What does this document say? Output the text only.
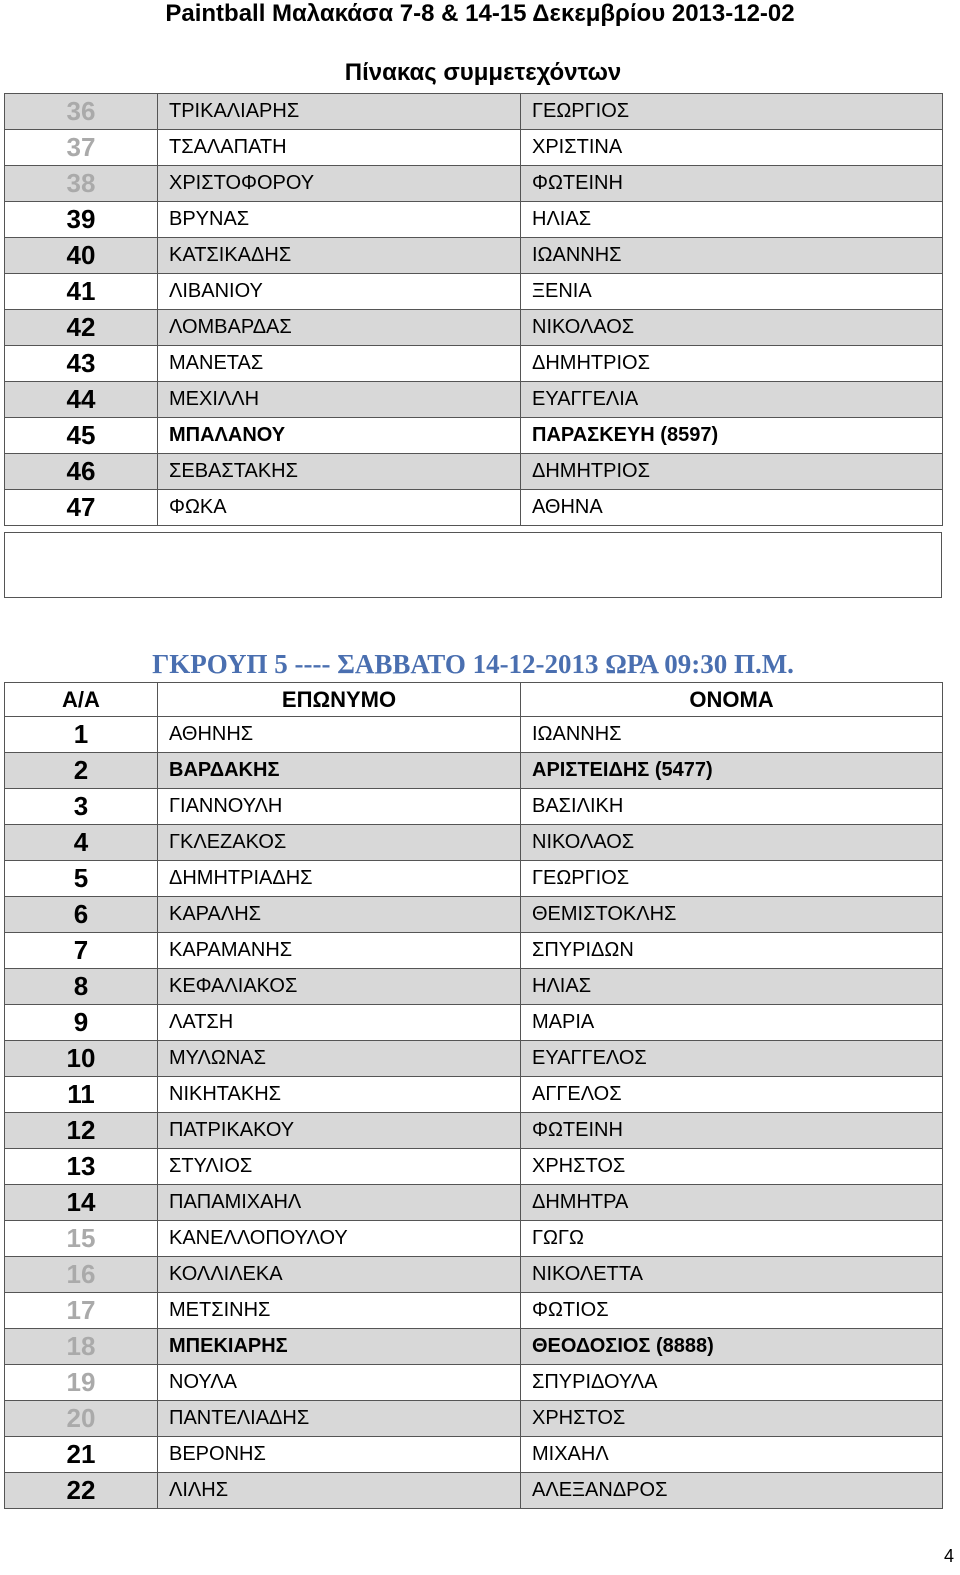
Paintball Μαλακάσα 7-8 & 14-15 Δεκεμβρίου 2013-12-02
Πίνακας συμμετεχόντων
36	ΤΡΙΚΑΛΙΑΡΗΣ	ΓΕΩΡΓΙΟΣ
37	ΤΣΑΛΑΠΑΤΗ	ΧΡΙΣΤΙΝΑ
38	ΧΡΙΣΤΟΦΟΡΟΥ	ΦΩΤΕΙΝΗ
39	ΒΡΥΝΑΣ	ΗΛΙΑΣ
40	ΚΑΤΣΙΚΑΔΗΣ	ΙΩΑΝΝΗΣ
41	ΛΙΒΑΝΙΟΥ	ΞΕΝΙΑ
42	ΛΟΜΒΑΡΔΑΣ	ΝΙΚΟΛΑΟΣ
43	ΜΑΝΕΤΑΣ	ΔΗΜΗΤΡΙΟΣ
44	ΜΕΧΙΛΛΗ	ΕΥΑΓΓΕΛΙΑ
45	ΜΠΑΛΑΝΟΥ	ΠΑΡΑΣΚΕΥΗ (8597)
46	ΣΕΒΑΣΤΑΚΗΣ	ΔΗΜΗΤΡΙΟΣ
47	ΦΩΚΑ	ΑΘΗΝΑ
ΓΚΡΟΥΠ 5 ---- ΣΑΒΒΑΤΟ 14-12-2013 ΩΡΑ 09:30 Π.Μ.
Α/Α	ΕΠΩΝΥΜΟ	ΟΝΟΜΑ
1	ΑΘΗΝΗΣ	ΙΩΑΝΝΗΣ
2	ΒΑΡΔΑΚΗΣ	ΑΡΙΣΤΕΙΔΗΣ (5477)
3	ΓΙΑΝΝΟΥΛΗ	ΒΑΣΙΛΙΚΗ
4	ΓΚΛΕΖΑΚΟΣ	ΝΙΚΟΛΑΟΣ
5	ΔΗΜΗΤΡΙΑΔΗΣ	ΓΕΩΡΓΙΟΣ
6	ΚΑΡΑΛΗΣ	ΘΕΜΙΣΤΟΚΛΗΣ
7	ΚΑΡΑΜΑΝΗΣ	ΣΠΥΡΙΔΩΝ
8	ΚΕΦΑΛΙΑΚΟΣ	ΗΛΙΑΣ
9	ΛΑΤΣΗ	ΜΑΡΙΑ
10	ΜΥΛΩΝΑΣ	ΕΥΑΓΓΕΛΟΣ
11	ΝΙΚΗΤΑΚΗΣ	ΑΓΓΕΛΟΣ
12	ΠΑΤΡΙΚΑΚΟΥ	ΦΩΤΕΙΝΗ
13	ΣΤΥΛΙΟΣ	ΧΡΗΣΤΟΣ
14	ΠΑΠΑΜΙΧΑΗΛ	ΔΗΜΗΤΡΑ
15	ΚΑΝΕΛΛΟΠΟΥΛΟΥ	ΓΩΓΩ
16	ΚΟΛΛΙΛΕΚΑ	ΝΙΚΟΛΕΤΤΑ
17	ΜΕΤΣΙΝΗΣ	ΦΩΤΙΟΣ
18	ΜΠΕΚΙΑΡΗΣ	ΘΕΟΔΟΣΙΟΣ (8888)
19	ΝΟΥΛΑ	ΣΠΥΡΙΔΟΥΛΑ
20	ΠΑΝΤΕΛΙΑΔΗΣ	ΧΡΗΣΤΟΣ
21	ΒΕΡΟΝΗΣ	ΜΙΧΑΗΛ
22	ΛΙΛΗΣ	ΑΛΕΞΑΝΔΡΟΣ
4
